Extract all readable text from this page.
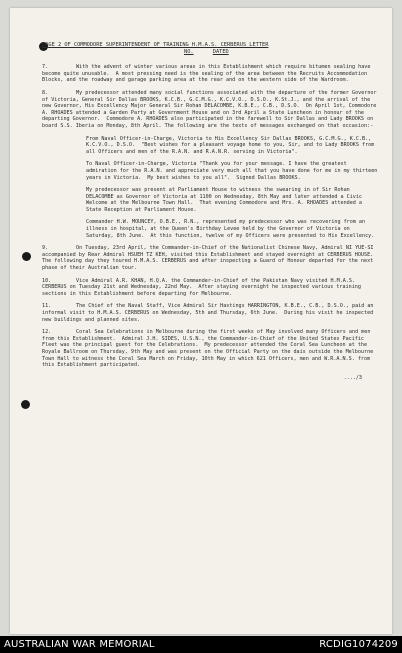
PAGE 2 OF COMMODORE SUPERINTENDENT OF TRAINING H.M.A.S. CERBERUS LETTER
NO.	DATED

7.	With the advent of winter various areas in this Establishment which require bitumen sealing have become quite unusable.  A most pressing need is the sealing of the area between the Recruits Accommodation Blocks, and the roadway and garage parking area at the rear and on the western side of the Wardroom.

8.	My predecessor attended many social functions associated with the departure of the former Governor of Victoria, General Sir Dallas BROOKS, K.C.B., G.C.M.G., K.C.V.O., D.S.O., K.St.J., and the arrival of the new Governor, His Excellency Major General Sir Rohan DELACOMBE, K.B.E., C.B., D.S.O.  On April 1st, Commodore A. RHOADES attended a Garden Party at Government House and on 3rd April a State Luncheon in honour of the departing Governor.  Commodore A. RHOADES also participated in the farewell to Sir Dallas and Lady BROOKS on board S.S. Iberia on Monday, 8th April. The following are the texts of messages exchanged on that occasion:-

From Naval Officer-in-Charge, Victoria to His Excellency Sir Dallas BROOKS, G.C.M.G., K.C.B., K.C.V.O., D.S.O.  "Best wishes for a pleasant voyage home to you, Sir, and to Lady BROOKS from all Officers and men of the R.A.N. and R.A.N.R. serving in Victoria".

To Naval Officer-in-Charge, Victoria "Thank you for your message. I have the greatest admiration for the R.A.N. and appreciate very much all that you have done for me in my thirteen years in Victoria.  My best wishes to you all".  Signed Dallas BROOKS.

My predecessor was present at Parliament House to witness the swearing in of Sir Rohan DELACOMBE as Governor of Victoria at 1100 on Wednesday, 8th May and later attended a Civic Welcome at the Melbourne Town Hall.  That evening Commodore and Mrs. A. RHOADES attended a State Reception at Parliament House.

Commander H.W. MOUNCEY, O.B.E., R.N., represented my predecessor who was recovering from an illness in hospital, at the Queen's Birthday Levee held by the Governor of Victoria on Saturday, 8th June.  At this function, twelve of my Officers were presented to His Excellency.

9.	On Tuesday, 23rd April, the Commander-in-Chief of the Nationalist Chinese Navy, Admiral NI YUE-SI accompanied by Rear Admiral HSUEH TZ KEH, visited this Establishment and stayed overnight at CERBERUS HOUSE.  The following day they toured H.M.A.S. CERBERUS and after inspecting a Guard of Honour departed for the next phase of their Australian tour.

10.	Vice Admiral A.R. KHAN, H.Q.A. the Commander-in-Chief of the Pakistan Navy visited H.M.A.S. CERBERUS on Tuesday 21st and Wednesday, 22nd May.  After staying overnight he inspected various training sections in this Establishment before departing for Melbourne.

11.	The Chief of the Naval Staff, Vice Admiral Sir Hastings HARRINGTON, K.B.E., C.B., D.S.O., paid an informal visit to H.M.A.S. CERBERUS on Wednesday, 5th and Thursday, 6th June.  During his visit he inspected new buildings and planned sites.

12.	Coral Sea Celebrations in Melbourne during the first weeks of May involved many Officers and men from this Establishment.  Admiral J.H. SIDES, U.S.N., the Commander-in-Chief of the United States Pacific Fleet was the principal guest for the Celebrations.  My predecessor attended the Coral Sea Luncheon at the Royale Ballroom on Thursday, 9th May and was present on the Official Party on the dais outside the Melbourne Town Hall to witness the Coral Sea March on Friday, 10th May in which 621 Officers, men and W.R.A.N.S. from this Establishment participated.

..../3
AUSTRALIAN WAR MEMORIAL	RCDIG1074209
